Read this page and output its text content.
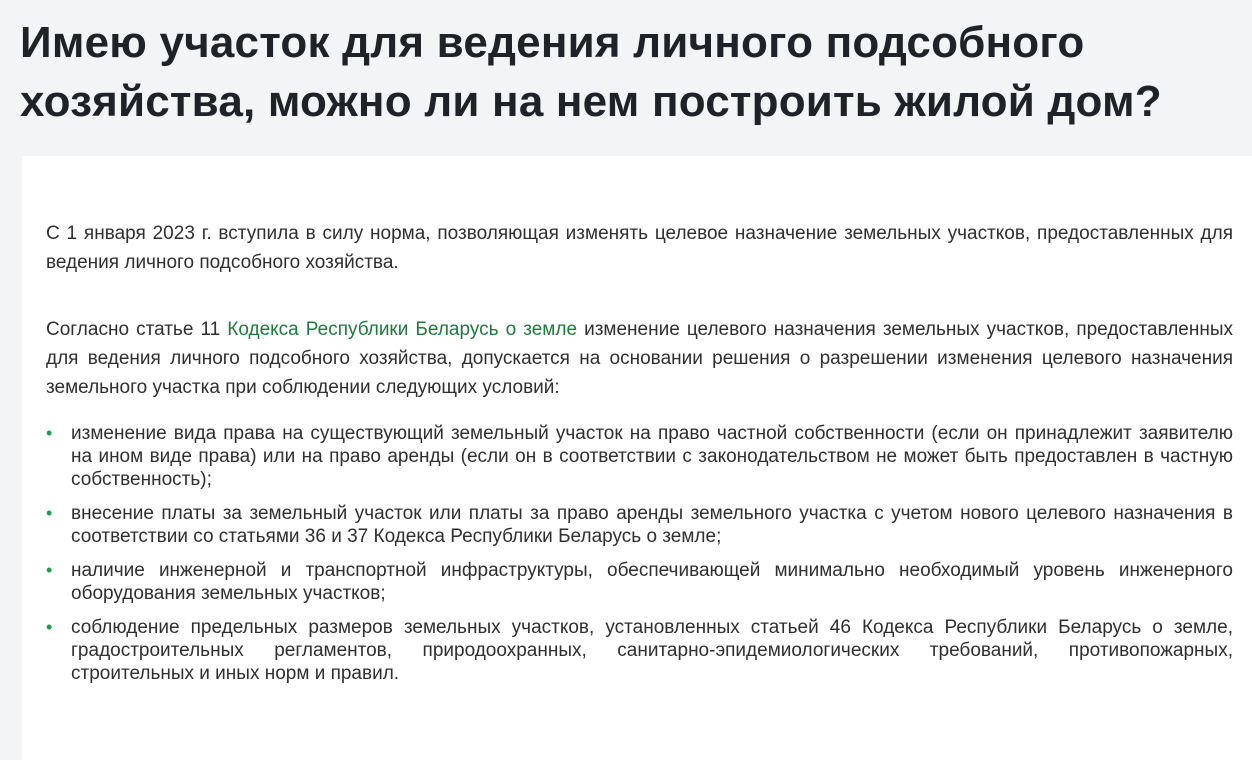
Имею участок для ведения личного подсобного хозяйства, можно ли на нем построить жилой дом?

С 1 января 2023 г. вступила в силу норма, позволяющая изменять целевое назначение земельных участков, предоставленных для ведения личного подсобного хозяйства.

Согласно статье 11 Кодекса Республики Беларусь о земле изменение целевого назначения земельных участков, предоставленных для ведения личного подсобного хозяйства, допускается на основании решения о разрешении изменения целевого назначения земельного участка при соблюдении следующих условий:

• изменение вида права на существующий земельный участок на право частной собственности (если он принадлежит заявителю на ином виде права) или на право аренды (если он в соответствии с законодательством не может быть предоставлен в частную собственность);
• внесение платы за земельный участок или платы за право аренды земельного участка с учетом нового целевого назначения в соответствии со статьями 36 и 37 Кодекса Республики Беларусь о земле;
• наличие инженерной и транспортной инфраструктуры, обеспечивающей минимально необходимый уровень инженерного оборудования земельных участков;
• соблюдение предельных размеров земельных участков, установленных статьей 46 Кодекса Республики Беларусь о земле, градостроительных регламентов, природоохранных, санитарно-эпидемиологических требований, противопожарных, строительных и иных норм и правил.
